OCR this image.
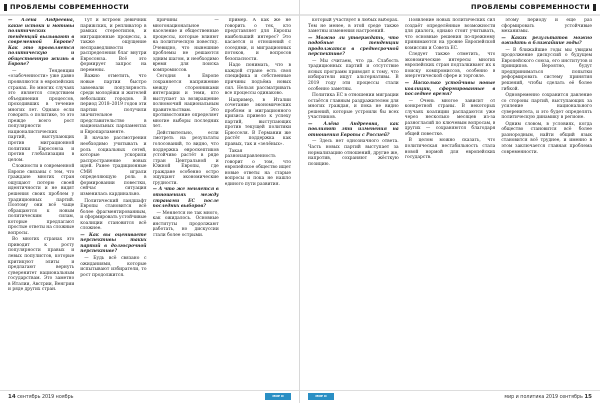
ПРОБЛЕМЫ СОВРЕМЕННОСТИ

— Алёна Андреевна, какие истоки и мотивы политических тенденций вызывают в современной Европе? Как это проявляется политическую и общественную жизнь в Европе?

— Тенденции «озабоченности» уже давно проявляются в европейских странах. Во многих случаях это является следствием объединения процессов, проходивших в течение многих лет. Однако если говорить о политике, то это прежде всего рост популярности националистических партий, выступающих против миграционной политики Евросоюза и против глобализации в целом.

Сложности в современной Европе связаны с тем, что граждане многих стран ощущают потерю своей идентичности и не видят решения своих проблем у традиционных партий. Поэтому они всё чаще обращаются к новым политическим силам, которые предлагают простые ответы на сложные вопросы.

Во многих странах это приводит к росту популярности правых и левых популистов, которые критикуют элиты и предлагают вернуть суверенитет национальным государствам. Это заметно в Италии, Австрии, Венгрии и ряде других стран.

Тут и встроен девичник парижских, и репливатор в рамках стереотипов, и миграционные процессы, а также ощущение несправедливости распределения благ внутри Евросоюза. Всё это формирует запрос на перемены.

Важно отметить, что новые партии быстро завоевали популярность среди молодёжи и жителей небольших городов. В период 2018–2019 годов эти партии получили значительное представительство в национальных парламентах и Европарламенте.

В начале рассмотрения необходимо учитывать и роль социальных сетей, которые ускорили распространение новых идей. Ранее традиционные СМИ играли определяющую роль в формировании повестки, сейчас ситуация изменилась кардинально.

Политический ландшафт Европы становится всё более фрагментированным, и сформировать устойчивые коалиции становится всё сложнее.

— Как вы оцениваете перспективы таких партий в долгосрочной перспективе?

— Будь всё связано с ожиданиями, которые испытывают избиратели, то рост продолжится.

причины — многонациональное население и общественные процессы, которые влияют на политическую повестку. Очевидно, что нынешние проблемы не решаются одним шагом, и необходимо время для поиска компромиссов.

Сегодня в Европе сохраняется напряжение между сторонниками интеграции и теми, кто выступает за возвращение полномочий национальным правительствам. Это противостояние определяет многие выборы последних лет.

Действительно, если смотреть на результаты голосований, то видно, что поддержка евроскептиков устойчиво растёт в ряде стран Центральной и Южной Европы, где граждане особенно остро ощущают экономические трудности.

— А что же меняется в отношениях между странами ЕС после последних выборов?

— Меняется не так много, как ожидалось. Основные институты продолжают работать, но дискуссии стали более острыми.

пример. А как же не говорить о тех, кто представляет для Европы наибольший интерес? Это касается и отношений с соседями, и миграционных потоков, и вопросов безопасности.

Надо понимать, что в каждой стране есть своя специфика и собственные причины подъёма новых сил. Нельзя рассматривать все процессы одинаково.

Например, в Италии сочетание экономических проблем и миграционного кризиса привело к успеху партий, выступающих против текущей политики Брюсселя. В Германии же растёт поддержка как правых, так и «зелёных».

Такая разнонаправленность говорит о том, что европейское общество ищет новые ответы на старые вопросы и пока не нашло единого пути развития.

14 сентябрь 2019 ноябрь	МИР И ПОЛИТИКА
ПРОБЛЕМЫ СОВРЕМЕННОСТИ

который участвует в любых выборах. Тем не менее, в этой среде также заметны изменения настроений.

— Можно ли утверждать, что подобные тенденции продолжатся в среднесрочной перспективе?

— Мы считаем, что да. Слабость традиционных партий и отсутствие ясных программ приводят к тому, что избиратели ищут альтернативы. В 2019 году эти процессы стали особенно заметны.

Политика ЕС в отношении миграции остаётся главным раздражителем для многих граждан, и пока не видно решений, которые устроили бы всех участников.

— Алёна Андреевна, как повлияют эти изменения на отношения Европы с Россией?

— Здесь нет однозначного ответа. Часть новых партий выступает за нормализацию отношений, другие же, напротив, сохраняют жёсткую позицию.

Появление новых политических сил создаёт определённые возможности для диалога, однако стоит учитывать, что основные решения по-прежнему принимаются на уровне Европейской комиссии и Совета ЕС.

Следует также отметить, что экономические интересы многих европейских стран подталкивают их к поиску компромиссов, особенно в энергетической сфере и торговле.

— Насколько устойчивы новые коалиции, сформированные в последнее время?

— Очень многое зависит от конкретной страны. В некоторых случаях коалиции распадаются уже через несколько месяцев из-за разногласий по ключевым вопросам, в других — сохраняются благодаря общей повестке.

В целом можно сказать, что политическая нестабильность стала новой нормой для европейских государств.

этому периоду и ещё раз сформировать устойчивые механизмы.

— Каких результатов можно ожидать в ближайшие годы?

— В ближайшие годы мы увидим продолжение дискуссий о будущем Европейского союза, его институтов и принципов. Вероятно, будут предприниматься попытки реформировать систему принятия решений, чтобы сделать её более гибкой.

Одновременно сохранится давление со стороны партий, выступающих за усиление национального суверенитета, и это будет определять политическую динамику в регионе.

Одним словом, в условиях, когда общество становится всё более разнородным, найти общий язык становится всё труднее, и именно в этом заключается главная проблема современности.

МИР И ПОЛИТИКА
мир и политика 2019 сентябрь 15
